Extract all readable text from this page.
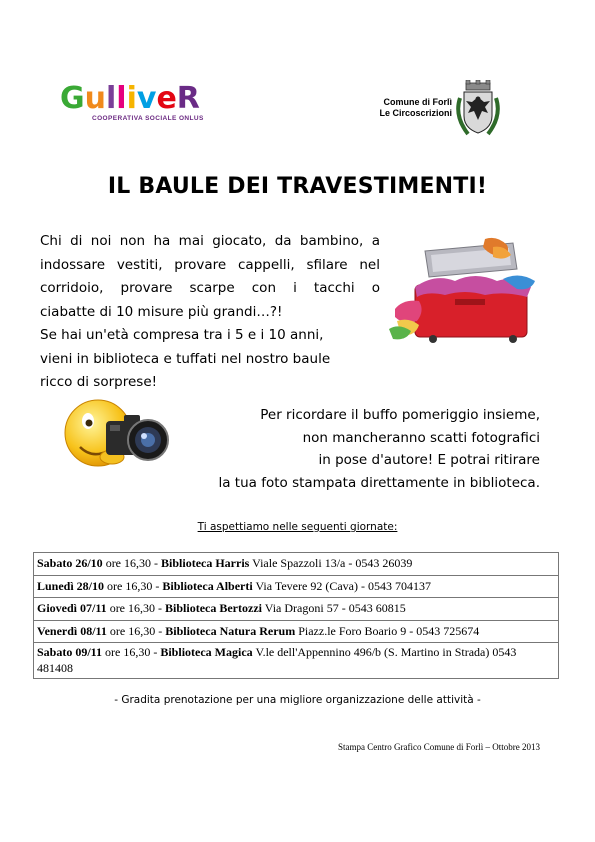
GulliveR
COOPERATIVA SOCIALE ONLUS
Comune di Forlì
Le Circoscrizioni
IL BAULE DEI TRAVESTIMENTI!
Chi di noi non ha mai giocato, da bambino, a
indossare vestiti, provare cappelli, sfilare nel
corridoio, provare scarpe con i tacchi o
ciabatte di 10 misure più grandi…?!
Se hai un'età compresa tra i 5 e i 10 anni,
vieni in biblioteca e tuffati nel nostro baule
ricco di sorprese!
Per ricordare il buffo pomeriggio insieme,
non mancheranno scatti fotografici
in pose d'autore! E potrai ritirare
la tua foto stampata direttamente in biblioteca.
Ti aspettiamo nelle seguenti giornate:
Sabato 26/10 ore 16,30 - Biblioteca Harris Viale Spazzoli 13/a - 0543 26039
Lunedì 28/10 ore 16,30 - Biblioteca Alberti Via Tevere 92 (Cava) - 0543 704137
Giovedì 07/11 ore 16,30 - Biblioteca Bertozzi Via Dragoni 57 - 0543 60815
Venerdì 08/11 ore 16,30 - Biblioteca Natura Rerum Piazz.le Foro Boario 9 - 0543 725674
Sabato 09/11 ore 16,30 - Biblioteca Magica V.le dell'Appennino 496/b (S. Martino in Strada) 0543 481408
- Gradita prenotazione per una migliore organizzazione delle attività -
Stampa Centro Grafico Comune di Forlì – Ottobre 2013
